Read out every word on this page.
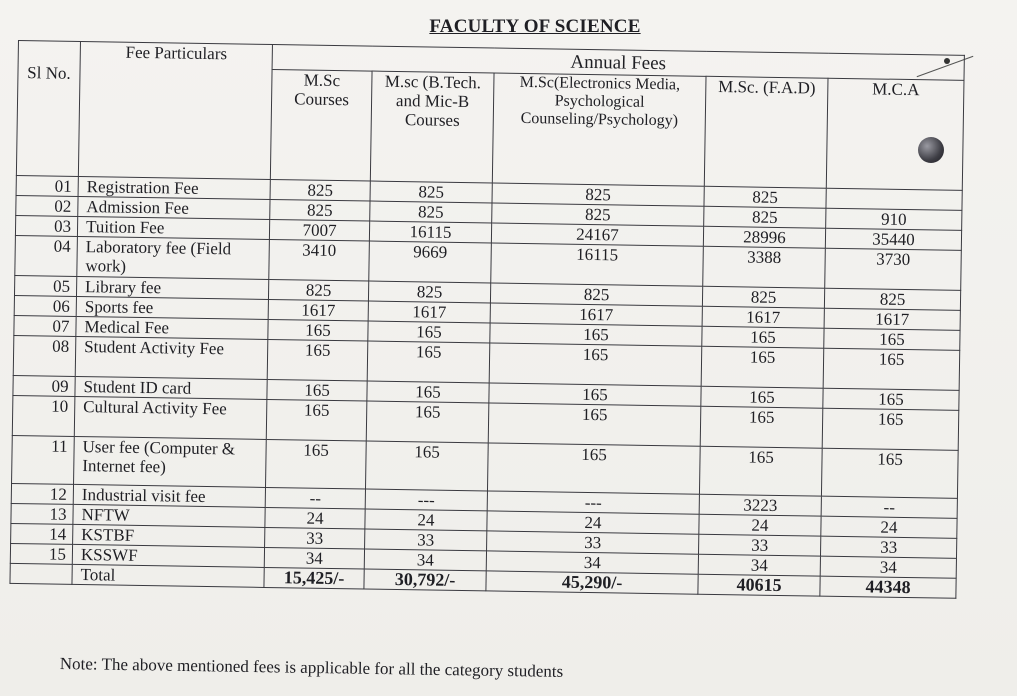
FACULTY OF SCIENCE
Sl No.	Fee Particulars	Annual Fees				
		M.Sc Courses	M.sc (B.Tech. and Mic-B Courses	M.Sc(Electronics Media, Psychological Counseling/Psychology)	M.Sc. (F.A.D)	M.C.A
01	Registration Fee	825	825	825	825	
02	Admission Fee	825	825	825	825	910
03	Tuition Fee	7007	16115	24167	28996	35440
04	Laboratory fee (Field work)	3410	9669	16115	3388	3730
05	Library fee	825	825	825	825	825
06	Sports fee	1617	1617	1617	1617	1617
07	Medical Fee	165	165	165	165	165
08	Student Activity Fee	165	165	165	165	165
09	Student ID card	165	165	165	165	165
10	Cultural Activity Fee	165	165	165	165	165
11	User fee (Computer & Internet fee)	165	165	165	165	165
12	Industrial visit fee	--	---	---	3223	--
13	NFTW	24	24	24	24	24
14	KSTBF	33	33	33	33	33
15	KSSWF	34	34	34	34	34
	Total	15,425/-	30,792/-	45,290/-	40615	44348
Note: The above mentioned fees is applicable for all the category students
